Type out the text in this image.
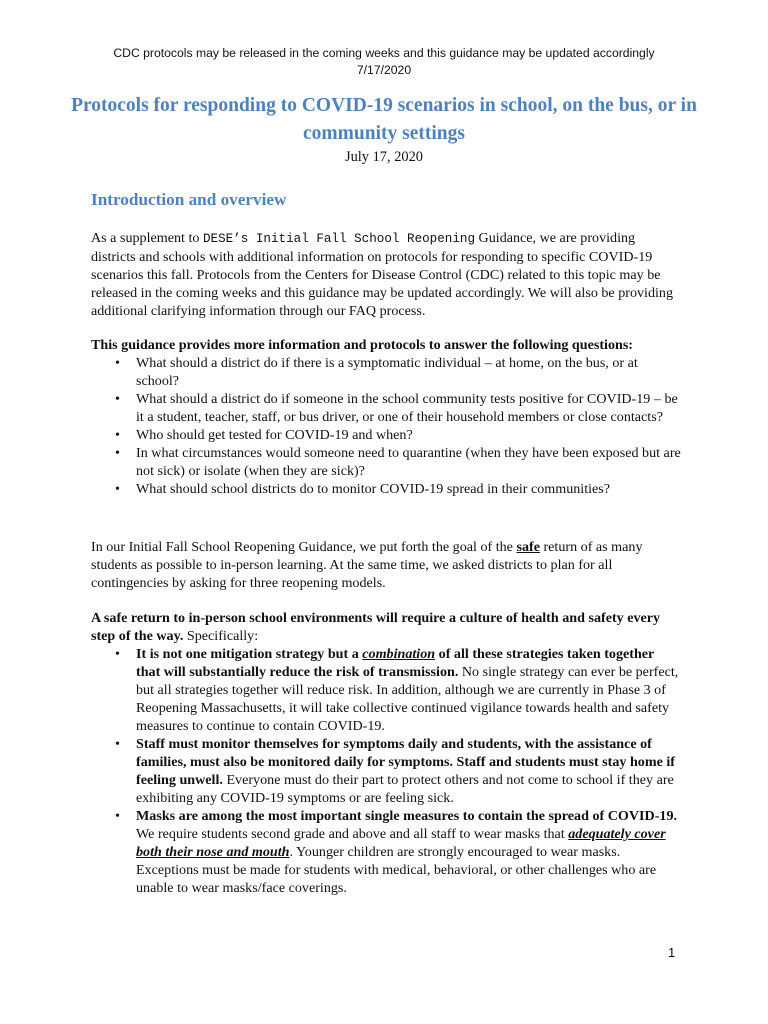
CDC protocols may be released in the coming weeks and this guidance may be updated accordingly
7/17/2020
Protocols for responding to COVID-19 scenarios in school, on the bus, or in community settings
July 17, 2020
Introduction and overview

As a supplement to DESE’s Initial Fall School Reopening Guidance, we are providing districts and schools with additional information on protocols for responding to specific COVID-19 scenarios this fall. Protocols from the Centers for Disease Control (CDC) related to this topic may be released in the coming weeks and this guidance may be updated accordingly. We will also be providing additional clarifying information through our FAQ process.

This guidance provides more information and protocols to answer the following questions:

• What should a district do if there is a symptomatic individual – at home, on the bus, or at school?
• What should a district do if someone in the school community tests positive for COVID-19 – be it a student, teacher, staff, or bus driver, or one of their household members or close contacts?
• Who should get tested for COVID-19 and when?
• In what circumstances would someone need to quarantine (when they have been exposed but are not sick) or isolate (when they are sick)?
• What should school districts do to monitor COVID-19 spread in their communities?

In our Initial Fall School Reopening Guidance, we put forth the goal of the safe return of as many students as possible to in-person learning. At the same time, we asked districts to plan for all contingencies by asking for three reopening models.

A safe return to in-person school environments will require a culture of health and safety every step of the way. Specifically:

• It is not one mitigation strategy but a combination of all these strategies taken together that will substantially reduce the risk of transmission. No single strategy can ever be perfect, but all strategies together will reduce risk. In addition, although we are currently in Phase 3 of Reopening Massachusetts, it will take collective continued vigilance towards health and safety measures to continue to contain COVID-19.
• Staff must monitor themselves for symptoms daily and students, with the assistance of families, must also be monitored daily for symptoms. Staff and students must stay home if feeling unwell. Everyone must do their part to protect others and not come to school if they are exhibiting any COVID-19 symptoms or are feeling sick.
• Masks are among the most important single measures to contain the spread of COVID-19. We require students second grade and above and all staff to wear masks that adequately cover both their nose and mouth. Younger children are strongly encouraged to wear masks. Exceptions must be made for students with medical, behavioral, or other challenges who are unable to wear masks/face coverings.
1
